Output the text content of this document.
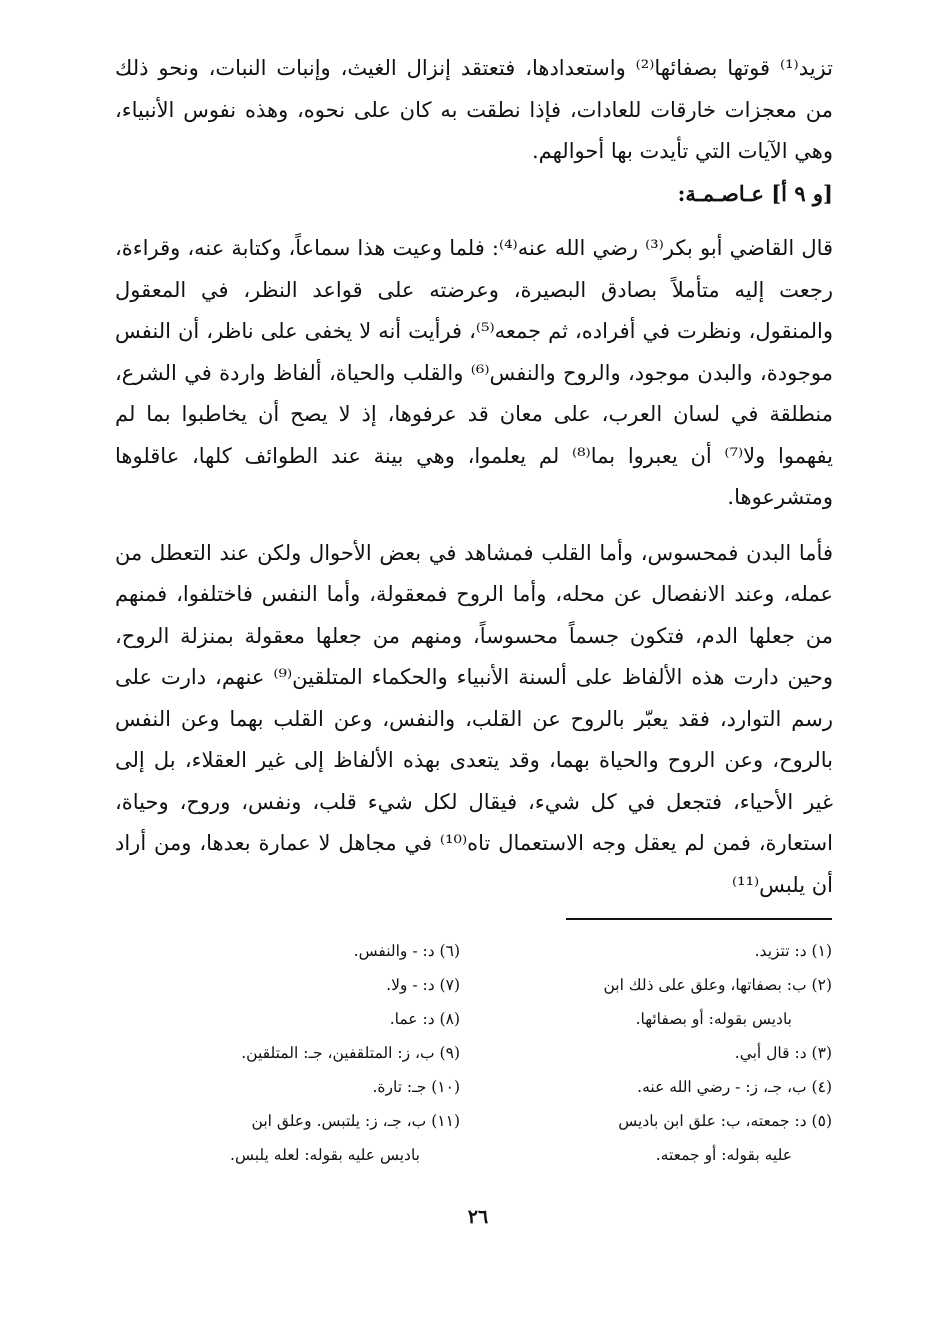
تزيد⁽¹⁾ قوتها بصفائها⁽²⁾ واستعدادها، فتعتقد إنزال الغيث، وإنبات النبات، ونحو ذلك من معجزات خارقات للعادات، فإذا نطقت به كان على نحوه، وهذه نفوس الأنبياء، وهي الآيات التي تأيدت بها أحوالهم.

[و ٩ أ] عـاصـمـة:

قال القاضي أبو بكر⁽³⁾ رضي الله عنه⁽⁴⁾: فلما وعيت هذا سماعاً، وكتابة عنه، وقراءة، رجعت إليه متأملاً بصادق البصيرة، وعرضته على قواعد النظر، في المعقول والمنقول، ونظرت في أفراده، ثم جمعه⁽⁵⁾، فرأيت أنه لا يخفى على ناظر، أن النفس موجودة، والبدن موجود، والروح والنفس⁽⁶⁾ والقلب والحياة، ألفاظ واردة في الشرع، منطلقة في لسان العرب، على معان قد عرفوها، إذ لا يصح أن يخاطبوا بما لم يفهموا ولا⁽⁷⁾ أن يعبروا بما⁽⁸⁾ لم يعلموا، وهي بينة عند الطوائف كلها، عاقلوها ومتشرعوها.

فأما البدن فمحسوس، وأما القلب فمشاهد في بعض الأحوال ولكن عند التعطل من عمله، وعند الانفصال عن محله، وأما الروح فمعقولة، وأما النفس فاختلفوا، فمنهم من جعلها الدم، فتكون جسماً محسوساً، ومنهم من جعلها معقولة بمنزلة الروح، وحين دارت هذه الألفاظ على ألسنة الأنبياء والحكماء المتلقين⁽⁹⁾ عنهم، دارت على رسم التوارد، فقد يعبّر بالروح عن القلب، والنفس، وعن القلب بهما وعن النفس بالروح، وعن الروح والحياة بهما، وقد يتعدى بهذه الألفاظ إلى غير العقلاء، بل إلى غير الأحياء، فتجعل في كل شيء، فيقال لكل شيء قلب، ونفس، وروح، وحياة، استعارة، فمن لم يعقل وجه الاستعمال تاه⁽¹⁰⁾ في مجاهل لا عمارة بعدها، ومن أراد أن يلبس⁽¹¹⁾

(١) د: تتزيد.
(٢) ب: بصفاتها، وعلق على ذلك ابن
باديس بقوله: أو بصفائها.
(٣) د: قال أبي.
(٤) ب، جـ، ز: - رضي الله عنه.
(٥) د: جمعته، ب: علق ابن باديس
عليه بقوله: أو جمعته.
(٦) د: - والنفس.
(٧) د: - ولا.
(٨) د: عما.
(٩) ب، ز: المتلقفين، جـ: المتلقين.
(١٠) جـ: تارة.
(١١) ب، جـ، ز: يلتبس. وعلق ابن
باديس عليه بقوله: لعله يلبس.
٢٦
